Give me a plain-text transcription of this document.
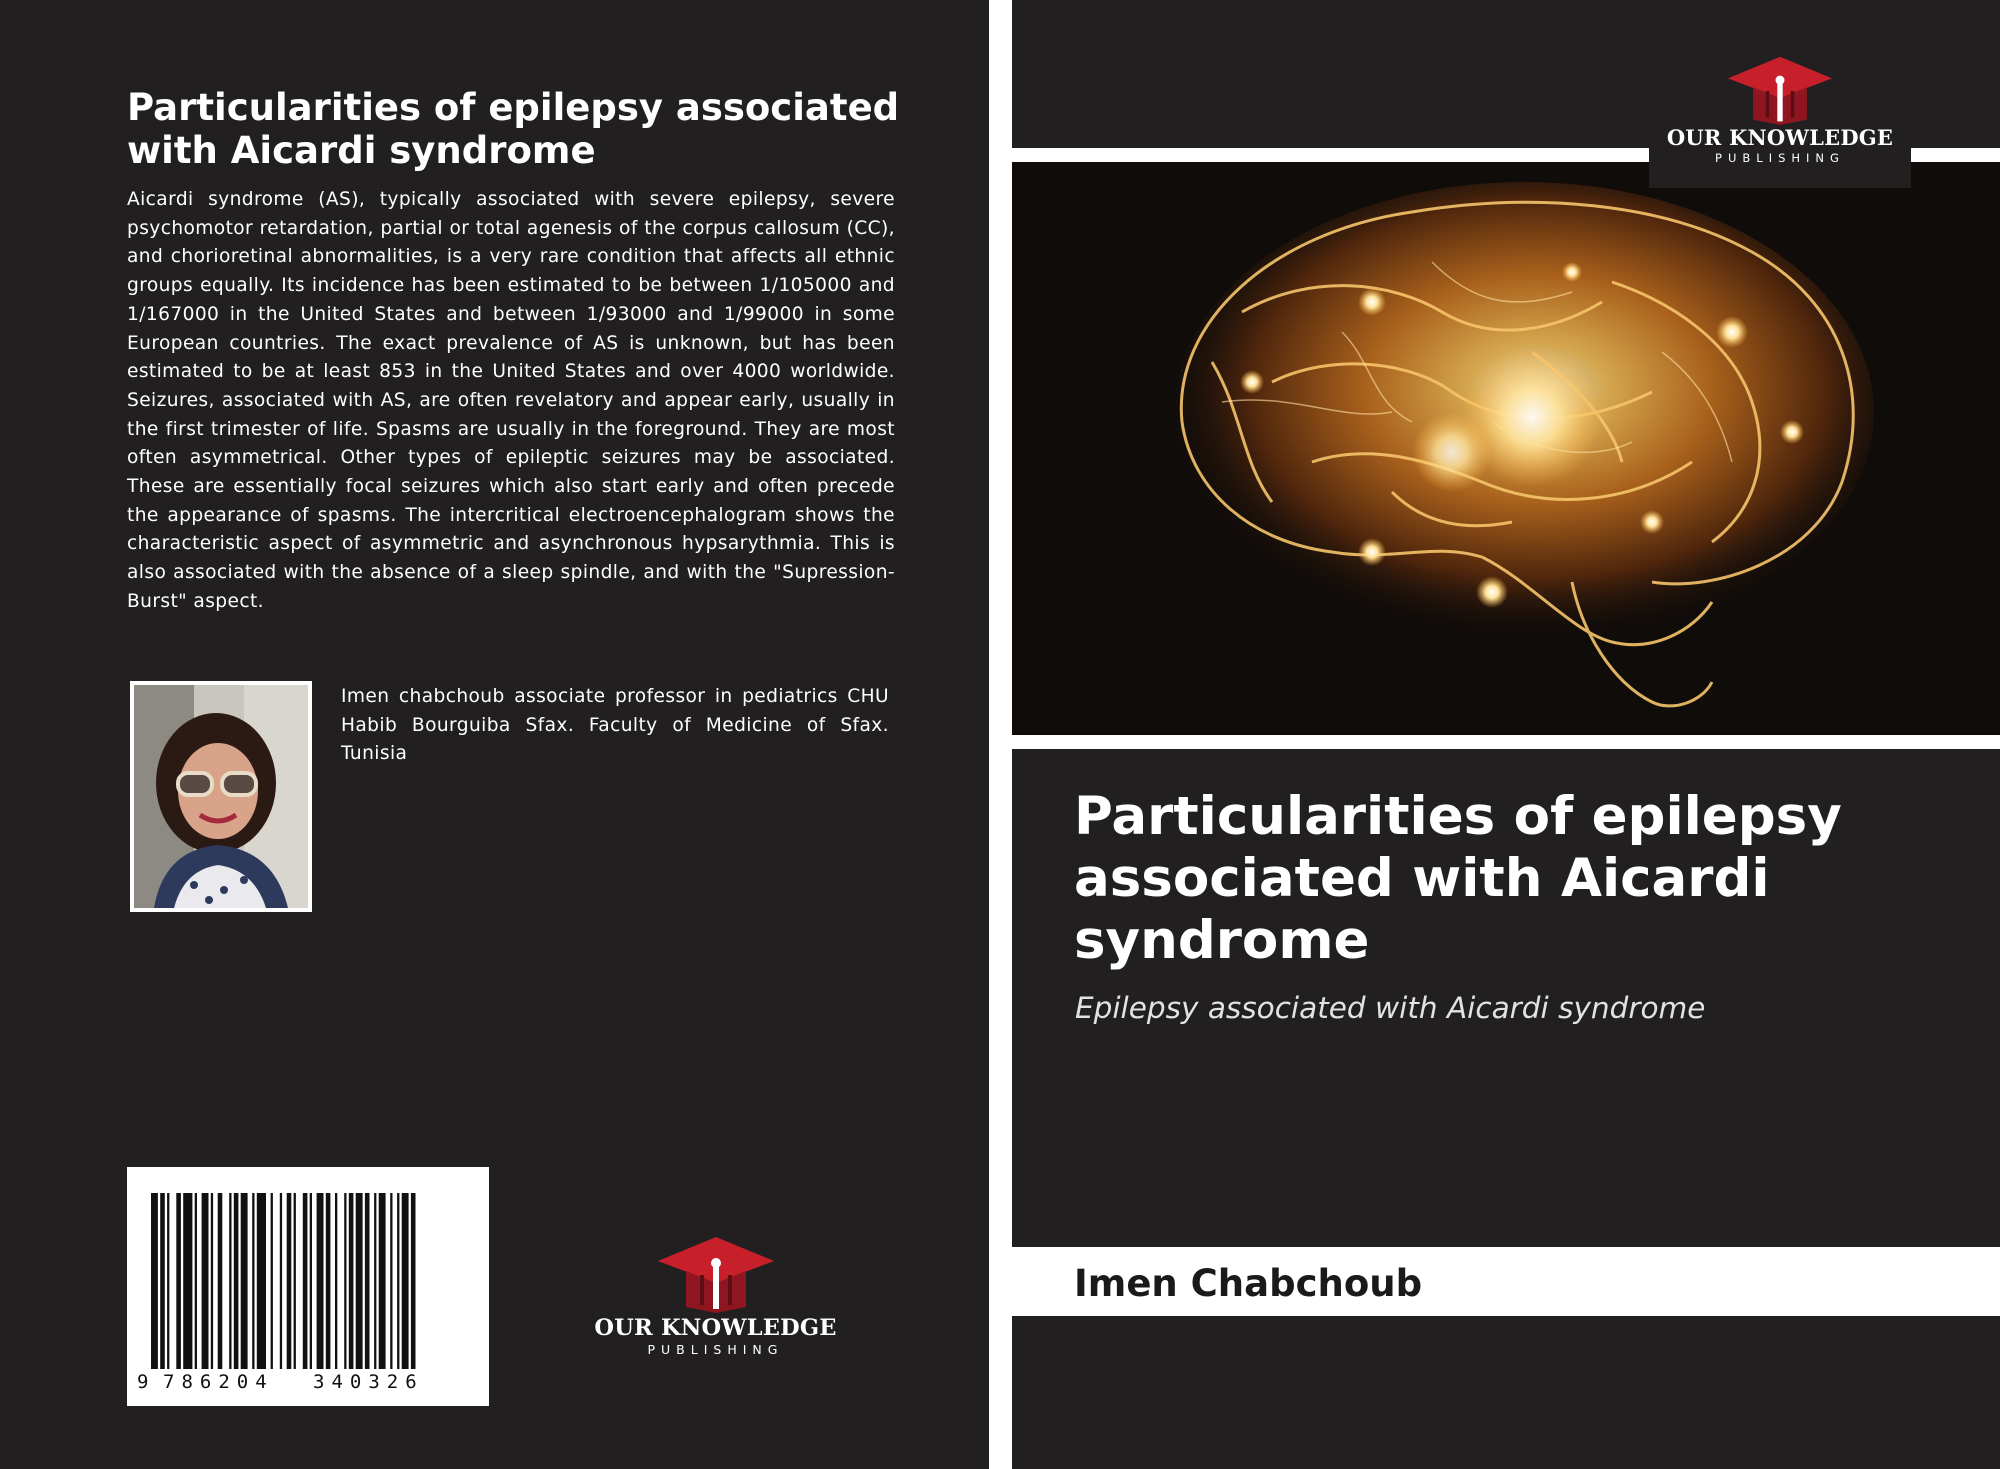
Particularities of epilepsy associated with Aicardi syndrome

Aicardi syndrome (AS), typically associated with severe epilepsy, severe psychomotor retardation, partial or total agenesis of the corpus callosum (CC), and chorioretinal abnormalities, is a very rare condition that affects all ethnic groups equally. Its incidence has been estimated to be between 1/105000 and 1/167000 in the United States and between 1/93000 and 1/99000 in some European countries. The exact prevalence of AS is unknown, but has been estimated to be at least 853 in the United States and over 4000 worldwide. Seizures, associated with AS, are often revelatory and appear early, usually in the first trimester of life. Spasms are usually in the foreground. They are most often asymmetrical. Other types of epileptic seizures may be associated. These are essentially focal seizures which also start early and often precede the appearance of spasms. The intercritical electroencephalogram shows the characteristic aspect of asymmetric and asynchronous hypsarythmia. This is also associated with the absence of a sleep spindle, and with the "Supression-Burst" aspect.

Imen chabchoub associate professor in pediatrics CHU Habib Bourguiba Sfax. Faculty of Medicine of Sfax. Tunisia

9 786204 340326
OUR KNOWLEDGE
PUBLISHING
OUR KNOWLEDGE
PUBLISHING
Particularities of epilepsy associated with Aicardi syndrome

Epilepsy associated with Aicardi syndrome

Imen Chabchoub
